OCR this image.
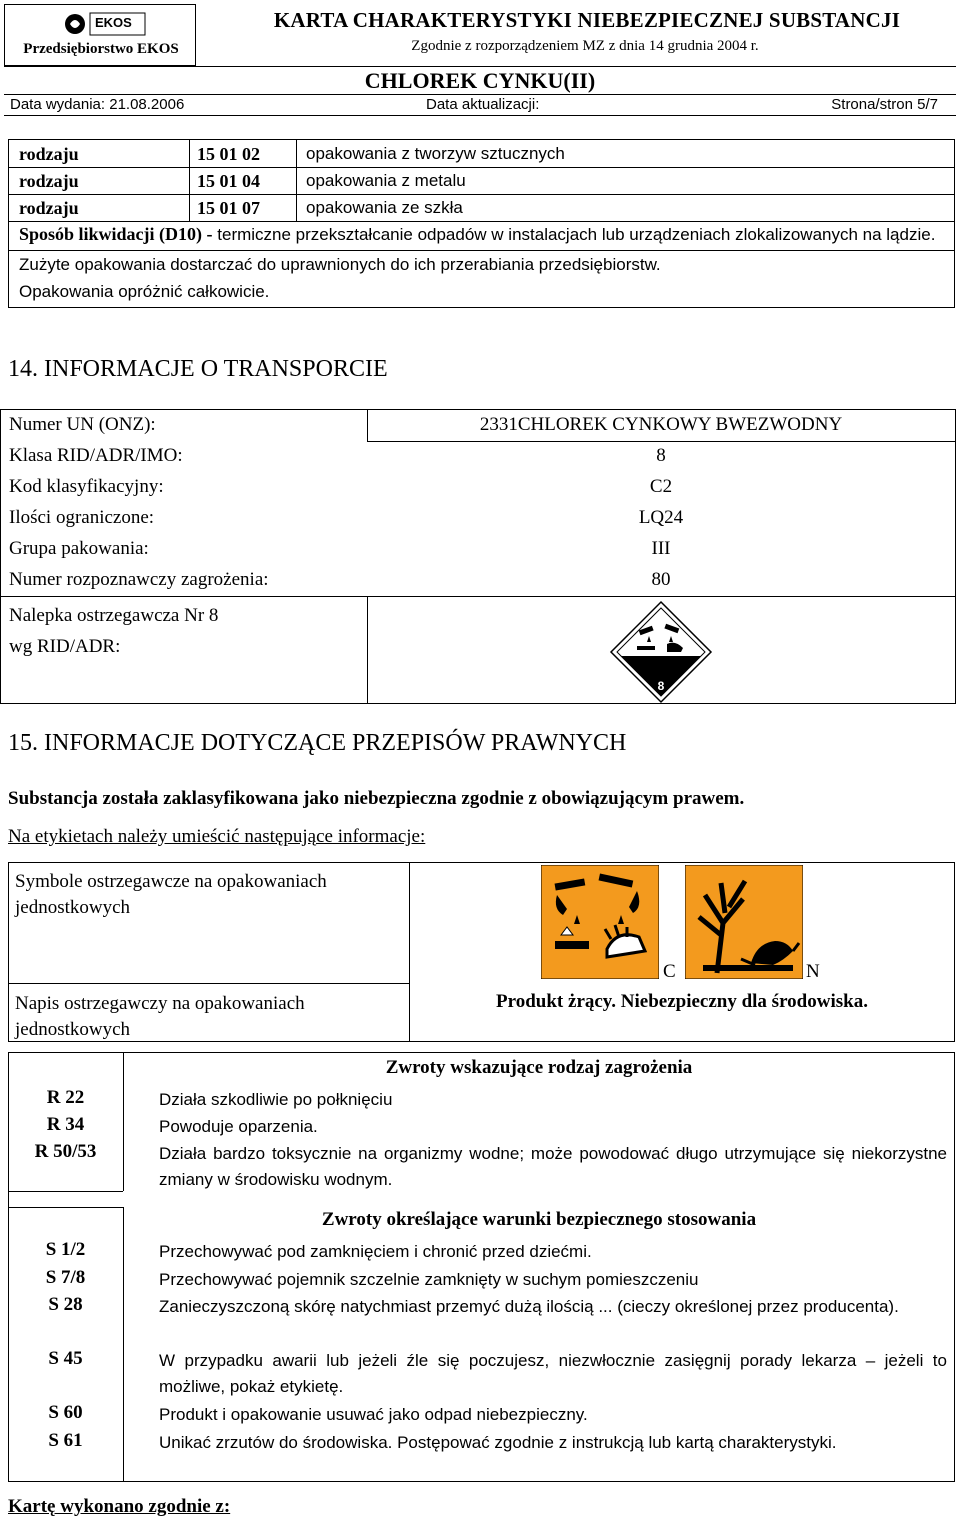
EKOS
Przedsiębiorstwo EKOS
KARTA CHARAKTERYSTYKI NIEBEZPIECZNEJ SUBSTANCJI
Zgodnie z rozporządzeniem MZ z dnia 14 grudnia 2004 r.
CHLOREK CYNKU(II)
Data wydania: 21.08.2006	Data aktualizacji:	Strona/stron 5/7
rodzaju	15 01 02	opakowania z tworzyw sztucznych
rodzaju	15 01 04	opakowania z metalu
rodzaju	15 01 07	opakowania ze szkła
Sposób likwidacji (D10) - termiczne przekształcanie odpadów w instalacjach lub urządzeniach zlokalizowanych na lądzie.
Zużyte opakowania dostarczać do uprawnionych do ich przerabiania przedsiębiorstw.
Opakowania opróżnić całkowicie.
14. INFORMACJE O TRANSPORCIE
Numer UN (ONZ):	2331CHLOREK CYNKOWY BWEZWODNY
Klasa RID/ADR/IMO:	8
Kod klasyfikacyjny:	C2
Ilości ograniczone:	LQ24
Grupa pakowania:	III
Numer rozpoznawczy zagrożenia:	80
Nalepka ostrzegawcza Nr 8
wg RID/ADR:
8
15. INFORMACJE DOTYCZĄCE PRZEPISÓW PRAWNYCH
Substancja została zaklasyfikowana jako niebezpieczna zgodnie z obowiązującym prawem.
Na etykietach należy umieścić następujące informacje:
Symbole ostrzegawcze na opakowaniach
jednostkowych
Napis ostrzegawczy na opakowaniach
jednostkowych
C	N
Produkt żrący. Niebezpieczny dla środowiska.
Zwroty wskazujące rodzaj zagrożenia
R 22	Działa szkodliwie po połknięciu
R 34	Powoduje oparzenia.
R 50/53	Działa bardzo toksycznie na organizmy wodne; może powodować długo utrzymujące się niekorzystne zmiany w środowisku wodnym.
Zwroty określające warunki bezpiecznego stosowania
S 1/2	Przechowywać pod zamknięciem i chronić przed dziećmi.
S 7/8	Przechowywać pojemnik szczelnie zamknięty w suchym pomieszczeniu
S 28	Zanieczyszczoną skórę natychmiast przemyć dużą ilością ... (cieczy określonej przez producenta).
S 45	W przypadku awarii lub jeżeli źle się poczujesz, niezwłocznie zasięgnij porady lekarza – jeżeli to możliwe, pokaż etykietę.
S 60	Produkt i opakowanie usuwać jako odpad niebezpieczny.
S 61	Unikać zrzutów do środowiska. Postępować zgodnie z instrukcją lub kartą charakterystyki.
Kartę wykonano zgodnie z:
